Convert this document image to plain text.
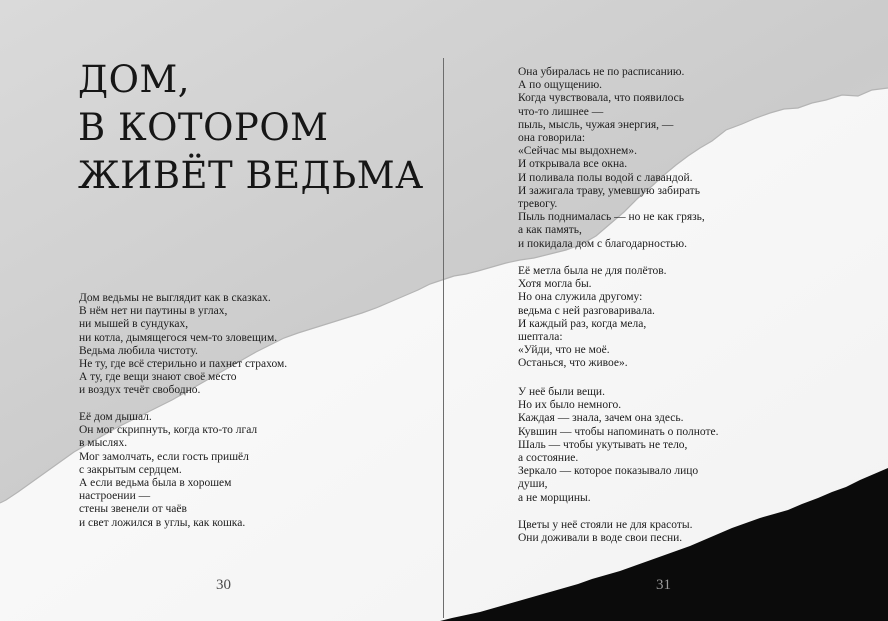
ДОМ,
В КОТОРОМ
ЖИВЁТ ВЕДЬМА
Дом ведьмы не выглядит как в сказках.
В нём нет ни паутины в углах,
ни мышей в сундуках,
ни котла, дымящегося чем-то зловещим.
Ведьма любила чистоту.
Не ту, где всё стерильно и пахнет страхом.
А ту, где вещи знают своё место
и воздух течёт свободно.
Её дом дышал.
Он мог скрипнуть, когда кто-то лгал
в мыслях.
Мог замолчать, если гость пришёл
с закрытым сердцем.
А если ведьма была в хорошем
настроении —
стены звенели от чаёв
и свет ложился в углы, как кошка.
30
Она убиралась не по расписанию.
А по ощущению.
Когда чувствовала, что появилось
что-то лишнее —
пыль, мысль, чужая энергия, —
она говорила:
«Сейчас мы выдохнем».
И открывала все окна.
И поливала полы водой с лавандой.
И зажигала траву, умевшую забирать
тревогу.
Пыль поднималась — но не как грязь,
а как память,
и покидала дом с благодарностью.
Её метла была не для полётов.
Хотя могла бы.
Но она служила другому:
ведьма с ней разговаривала.
И каждый раз, когда мела,
шептала:
«Уйди, что не моё.
Останься, что живое».
У неё были вещи.
Но их было немного.
Каждая — знала, зачем она здесь.
Кувшин — чтобы напоминать о полноте.
Шаль — чтобы укутывать не тело,
а состояние.
Зеркало — которое показывало лицо
души,
а не морщины.
Цветы у неё стояли не для красоты.
Они доживали в воде свои песни.
31
